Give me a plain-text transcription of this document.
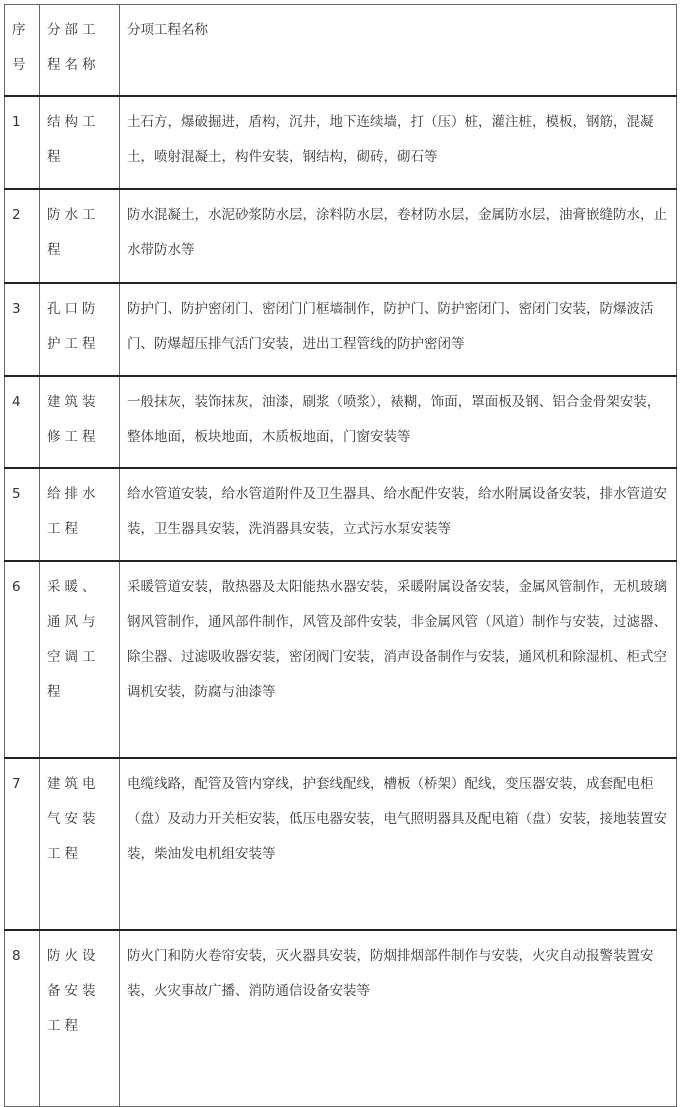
序号	分部工程名称	分项工程名称
1	结构工程	土石方，爆破掘进，盾构，沉井，地下连续墙，打（压）桩，灌注桩，模板，钢筋，混凝土，喷射混凝土，构件安装，钢结构，砌砖，砌石等
2	防水工程	防水混凝土，水泥砂浆防水层，涂料防水层，卷材防水层，金属防水层，油膏嵌缝防水，止水带防水等
3	孔口防护工程	防护门、防护密闭门、密闭门门框墙制作，防护门、防护密闭门、密闭门安装，防爆波活门、防爆超压排气活门安装，进出工程管线的防护密闭等
4	建筑装修工程	一般抹灰，装饰抹灰，油漆，刷浆（喷浆），裱糊，饰面，罩面板及钢、铝合金骨架安装，整体地面，板块地面，木质板地面，门窗安装等
5	给排水工程	给水管道安装，给水管道附件及卫生器具、给水配件安装，给水附属设备安装，排水管道安装，卫生器具安装，洗消器具安装，立式污水泵安装等
6	采暖、通风与空调工程	采暖管道安装，散热器及太阳能热水器安装，采暖附属设备安装，金属风管制作，无机玻璃钢风管制作，通风部件制作，风管及部件安装，非金属风管（风道）制作与安装，过滤器、除尘器、过滤吸收器安装，密闭阀门安装，消声设备制作与安装，通风机和除湿机、柜式空调机安装，防腐与油漆等
7	建筑电气安装工程	电缆线路，配管及管内穿线，护套线配线，槽板（桥架）配线，变压器安装，成套配电柜（盘）及动力开关柜安装，低压电器安装，电气照明器具及配电箱（盘）安装，接地装置安装，柴油发电机组安装等
8	防火设备安装工程	防火门和防火卷帘安装，灭火器具安装，防烟排烟部件制作与安装，火灾自动报警装置安装，火灾事故广播、消防通信设备安装等
